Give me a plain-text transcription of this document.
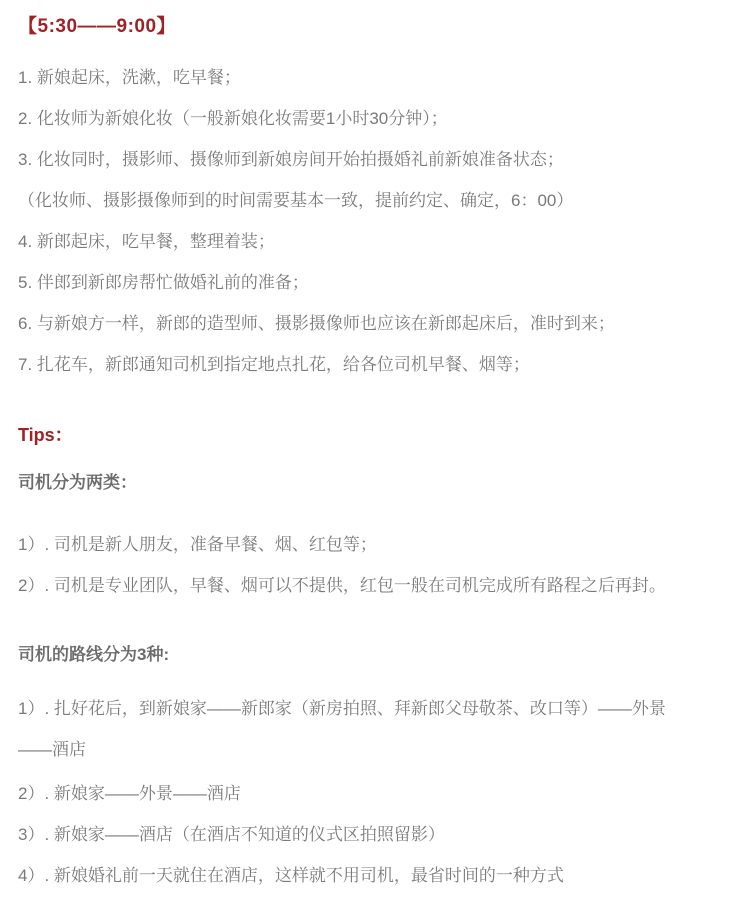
【5:30——9:00】

1. 新娘起床，洗漱，吃早餐；

2. 化妆师为新娘化妆（一般新娘化妆需要1小时30分钟）；

3. 化妆同时，摄影师、摄像师到新娘房间开始拍摄婚礼前新娘准备状态；

（化妆师、摄影摄像师到的时间需要基本一致，提前约定、确定，6：00）

4. 新郎起床，吃早餐，整理着装；

5. 伴郎到新郎房帮忙做婚礼前的准备；

6. 与新娘方一样，新郎的造型师、摄影摄像师也应该在新郎起床后，准时到来；

7. 扎花车，新郎通知司机到指定地点扎花，给各位司机早餐、烟等；

Tips：

司机分为两类：

1）. 司机是新人朋友，准备早餐、烟、红包等；

2）. 司机是专业团队，早餐、烟可以不提供，红包一般在司机完成所有路程之后再封。

司机的路线分为3种:

1）. 扎好花后，到新娘家——新郎家（新房拍照、拜新郎父母敬茶、改口等）——外景——酒店

2）. 新娘家——外景——酒店

3）. 新娘家——酒店（在酒店不知道的仪式区拍照留影）

4）. 新娘婚礼前一天就住在酒店，这样就不用司机，最省时间的一种方式
